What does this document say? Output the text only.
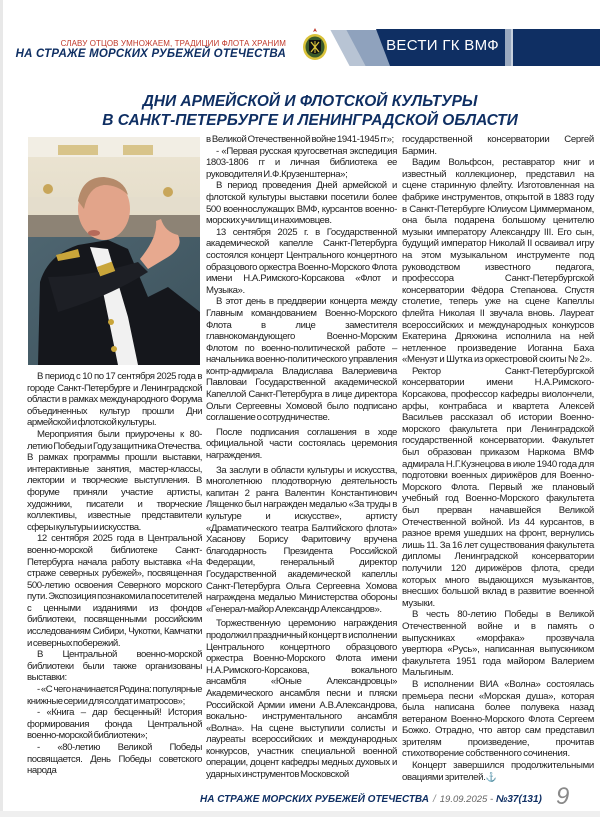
СЛАВУ ОТЦОВ УМНОЖАЕМ, ТРАДИЦИИ ФЛОТА ХРАНИМ
НА СТРАЖЕ МОРСКИХ РУБЕЖЕЙ ОТЕЧЕСТВА	ВЕСТИ ГК ВМФ
ДНИ АРМЕЙСКОЙ И ФЛОТСКОЙ КУЛЬТУРЫ
В САНКТ-ПЕТЕРБУРГЕ И ЛЕНИНГРАДСКОЙ ОБЛАСТИ

В период с 10 по 17 сентября 2025 года в городе Санкт-Петербурге и Ленинградской области в рамках международного Форума объединенных культур прошли Дни армейской и флотской культуры.

Мероприятия были приурочены к 80-летию Победы и Году защитника Отечества. В рамках программы прошли выставки, интерактивные занятия, мастер-классы, лектории и творческие выступления. В форуме приняли участие артисты, художники, писатели и творческие коллективы, известные представители сферы культуры и искусства.

12 сентября 2025 года в Центральной военно-морской библиотеке Санкт-Петербурга начала работу выставка «На страже северных рубежей», посвященная 500-летию освоения Северного морского пути. Экспозиция познакомила посетителей с ценными изданиями из фондов библиотеки, посвященными российским исследованиям Сибири, Чукотки, Камчатки и северных побережий.

В Центральной военно-морской библиотеки были также организованы выставки:

- «С чего начинается Родина: популярные книжные серии для солдат и матросов»;

- «Книга – дар бесценный! История формирования фонда Центральной военно-морской библиотеки»;

- «80-летию Великой Победы посвящается. День Победы советского народа

в Великой Отечественной войне 1941-1945 гг»;

- «Первая русская кругосветная экспедиция 1803-1806 гг и личная библиотека ее руководителя И.Ф.Крузенштерна»;

В период проведения Дней армейской и флотской культуры выставки посетили более 500 военнослужащих ВМФ, курсантов военно-морских училищ и нахимовцев.

13 сентября 2025 г. в Государственной академической капелле Санкт-Петербурга состоялся концерт Центрального концертного образцового оркестра Военно-Морского Флота имени Н.А.Римского-Корсакова «Флот и Музыка».

В этот день в преддверии концерта между Главным командованием Военно-Морского Флота в лице заместителя главнокомандующего Военно-Морским Флотом по военно-политической работе – начальника военно-политического управления контр-адмирала Владислава Валериевича Павловаи Государственной академической Капеллой Санкт-Петербурга в лице директора Ольги Сергеевны Хомовой было подписано соглашение о сотрудничестве.

После подписания соглашения в ходе официальной части состоялась церемония награждения.

За заслуги в области культуры и искусства, многолетнюю плодотворную деятельность капитан 2 ранга Валентин Константинович Лященко был награжден медалью «За труды в культуре и искусстве», артисту «Драматического театра Балтийского флота» Хасанову Борису Фаритовичу вручена благодарность Президента Российской Федерации, генеральный директор Государственной академической капеллы Санкт-Петербурга Ольга Сергеевна Хомова награждена медалью Министерства обороны «Генерал-майор Александр Александров».

Торжественную церемонию награждения продолжил праздничный концерт в исполнении Центрального концертного образцового оркестра Военно-Морского Флота имени Н.А.Римского-Корсакова, вокального ансамбля «Юные Александровцы» Академического ансамбля песни и пляски Российской Армии имени А.В.Александрова, вокально- инструментального ансамбля «Волна». На сцене выступили солисты и лауреаты всероссийских и международных конкурсов, участник специальной военной операции, доцент кафедры медных духовых и ударных инструментов Московской

государственной консерватории Сергей Бармин.

Вадим Вольфсон, реставратор книг и известный коллекционер, представил на сцене старинную флейту. Изготовленная на фабрике инструментов, открытой в 1883 году в Санкт-Петербурге Юлиусом Циммерманом, она была подарена большому ценителю музыки императору Александру III. Его сын, будущий император Николай II осваивал игру на этом музыкальном инструменте под руководством известного педагога, профессора Санкт-Петербургской консерватории Фёдора Степанова. Спустя столетие, теперь уже на сцене Капеллы флейта Николая II звучала вновь. Лауреат всероссийских и международных конкурсов Екатерина Дряхжина исполнила на ней нетленное произведение Иоганна Баха «Менуэт и Шутка из оркестровой сюиты № 2».

Ректор Санкт-Петербургской консерватории имени Н.А.Римского-Корсакова, профессор кафедры виолончели, арфы, контрабаса и квартета Алексей Васильев рассказал об истории Военно-морского факультета при Ленинградской государственной консерватории. Факультет был образован приказом Наркома ВМФ адмирала Н.Г.Кузнецова в июле 1940 года для подготовки военных дирижёров для Военно-Морского Флота. Первый же плановый учебный год Военно-Морского факультета был прерван начавшейся Великой Отечественной войной. Из 44 курсантов, в разное время ушедших на фронт, вернулись лишь 11. За 16 лет существования факультета дипломы Ленинградской консерватории получили 120 дирижёров флота, среди которых много выдающихся музыкантов, внесших большой вклад в развитие военной музыки.

В честь 80-летию Победы в Великой Отечественной войне и в память о выпускниках «морфака» прозвучала увертюра «Русь», написанная выпускником факультета 1951 года майором Валерием Мальгиным.

В исполнении ВИА «Волна» состоялась премьера песни «Морская душа», которая была написана более полувека назад ветераном Военно-Морского Флота Сергеем Божко. Отрадно, что автор сам представил зрителям произведение, прочитав стихотворение собственного сочинения.

Концерт завершился продолжительными овациями зрителей.⚓

НА СТРАЖЕ МОРСКИХ РУБЕЖЕЙ ОТЕЧЕСТВА / 19.09.2025 - №37(131) 9
